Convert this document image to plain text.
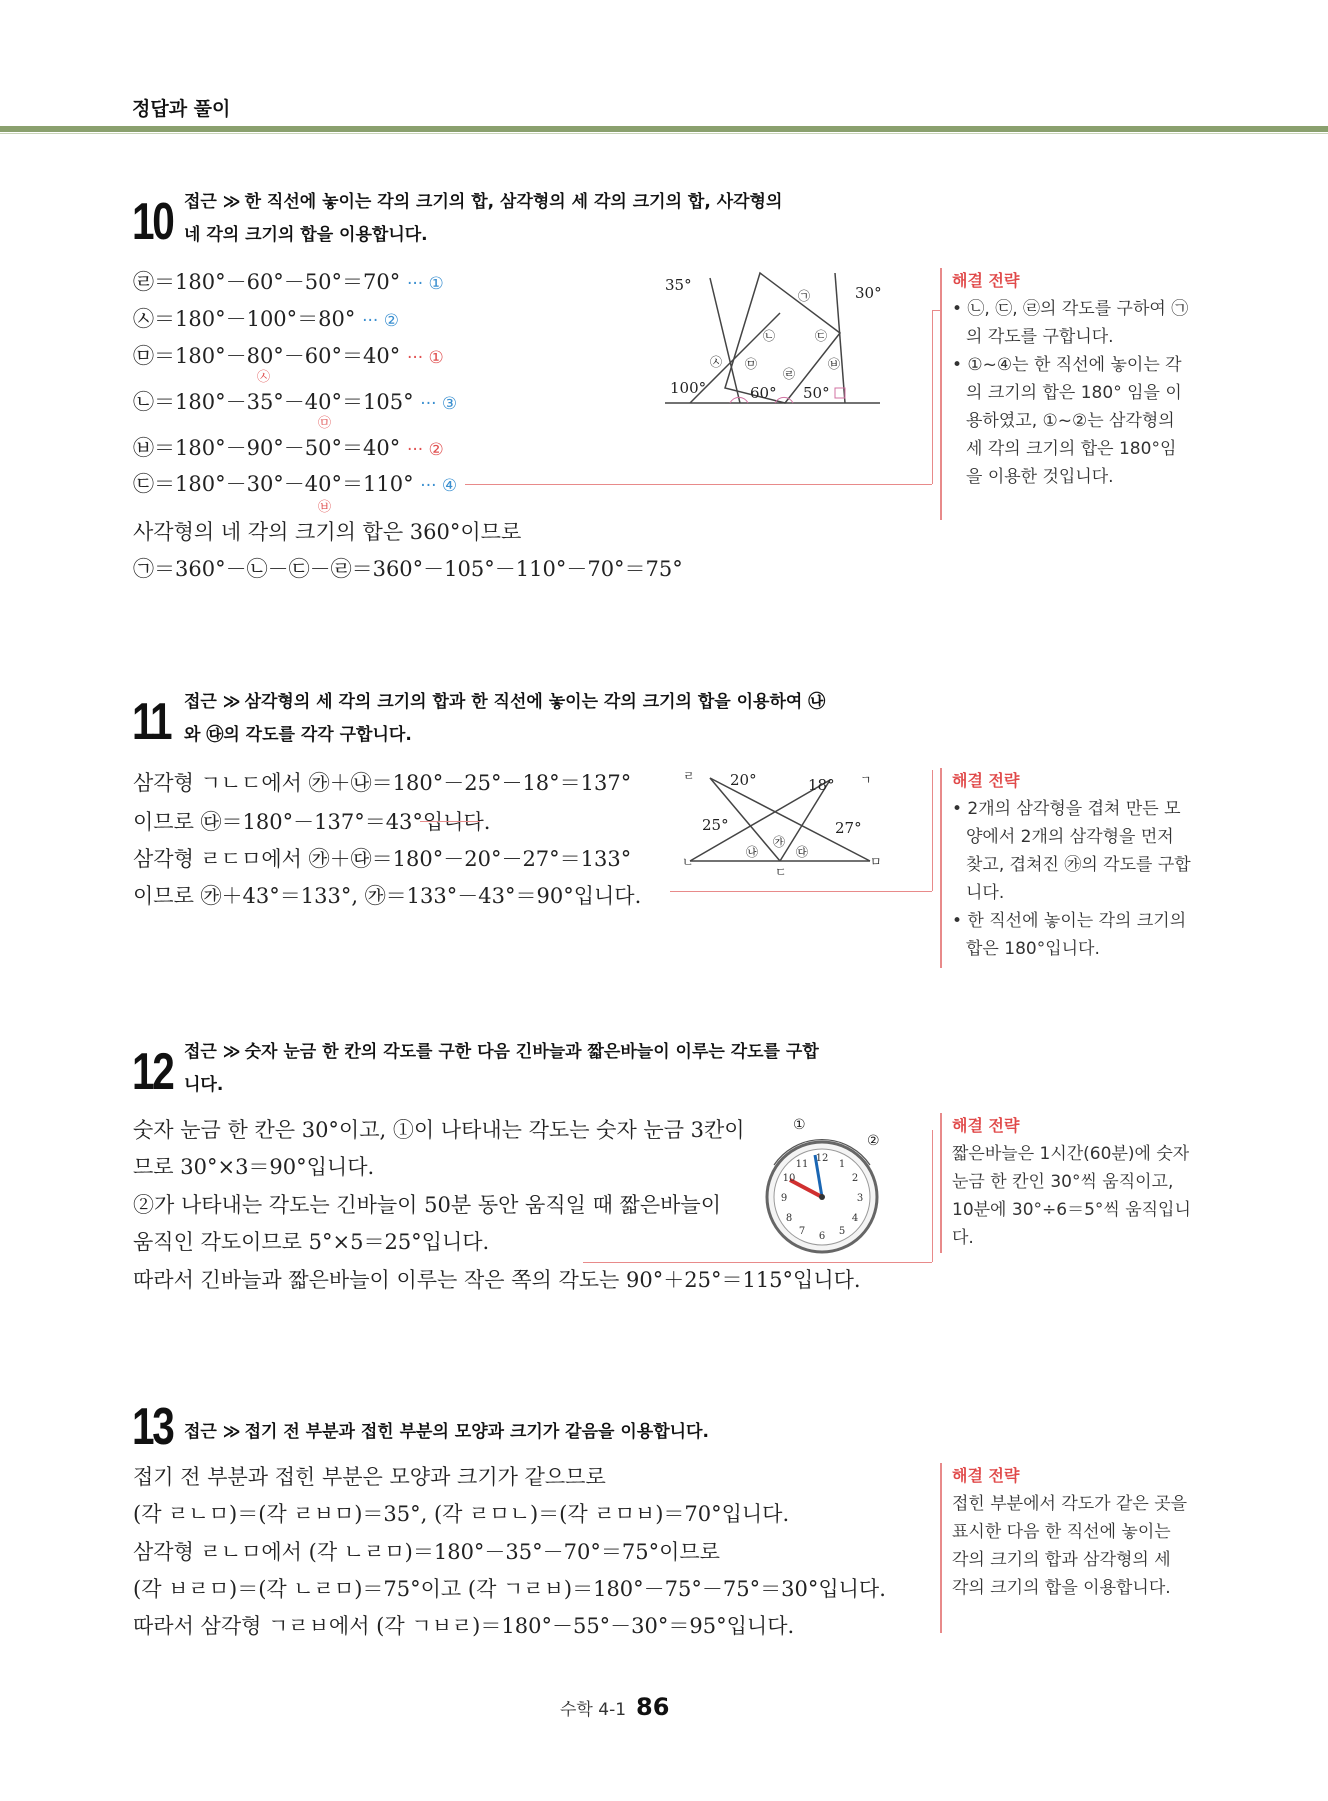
정답과 풀이
10 접근 ≫ 한 직선에 놓이는 각의 크기의 합, 삼각형의 세 각의 크기의 합, 사각형의
네 각의 크기의 합을 이용합니다.
㉣＝180°－60°－50°＝70° ··· ①
㉦＝180°－100°＝80° ··· ②
㉤＝180°－80°－60°＝40° ··· ①
㉦
㉡＝180°－35°－40°＝105° ··· ③
㉤
㉥＝180°－90°－50°＝40° ··· ②
㉢＝180°－30°－40°＝110° ··· ④
㉥
사각형의 네 각의 크기의 합은 360°이므로
㉠＝360°－㉡－㉢－㉣＝360°－105°－110°－70°＝75°
35°	30°
100°	60° 50°
㉠
㉡	㉢
㉣
㉤	㉥
㉦
해결 전략
• ㉡, ㉢, ㉣의 각도를 구하여 ㉠의 각도를 구합니다.
• ①~④는 한 직선에 놓이는 각의 크기의 합은 180° 임을 이용하였고, ①~②는 삼각형의 세 각의 크기의 합은 180°임을 이용한 것입니다.
11 접근 ≫ 삼각형의 세 각의 크기의 합과 한 직선에 놓이는 각의 크기의 합을 이용하여 ㉯
와 ㉰의 각도를 각각 구합니다.
삼각형 ㄱㄴㄷ에서 ㉮＋㉯＝180°－25°－18°＝137°
이므로 ㉰＝180°－137°＝43°입니다.
삼각형 ㄹㄷㅁ에서 ㉮＋㉰＝180°－20°－27°＝133°
이므로 ㉮＋43°＝133°, ㉮＝133°－43°＝90°입니다.
20°	18°
25°	27°
ㄹ	ㄱ
ㄴ
㉯
㉮
㉰
ㄷ
ㅁ
해결 전략
• 2개의 삼각형을 겹쳐 만든 모양에서 2개의 삼각형을 먼저 찾고, 겹쳐진 ㉮의 각도를 구합니다.
• 한 직선에 놓이는 각의 크기의 합은 180°입니다.
12 접근 ≫ 숫자 눈금 한 칸의 각도를 구한 다음 긴바늘과 짧은바늘이 이루는 각도를 구합
니다.
숫자 눈금 한 칸은 30°이고, ①이 나타내는 각도는 숫자 눈금 3칸이
므로 30°×3＝90°입니다.
②가 나타내는 각도는 긴바늘이 50분 동안 움직일 때 짧은바늘이
움직인 각도이므로 5°×5＝25°입니다.
따라서 긴바늘과 짧은바늘이 이루는 작은 쪽의 각도는 90°＋25°＝115°입니다.
12
1
2
3
4
5
6
7
8
9
10
11
①
②
해결 전략
짧은바늘은 1시간(60분)에 숫자 눈금 한 칸인 30°씩 움직이고, 10분에 30°÷6＝5°씩 움직입니다.
13 접근 ≫ 접기 전 부분과 접힌 부분의 모양과 크기가 같음을 이용합니다.
접기 전 부분과 접힌 부분은 모양과 크기가 같으므로
(각 ㄹㄴㅁ)＝(각 ㄹㅂㅁ)＝35°, (각 ㄹㅁㄴ)＝(각 ㄹㅁㅂ)＝70°입니다.
삼각형 ㄹㄴㅁ에서 (각 ㄴㄹㅁ)＝180°－35°－70°＝75°이므로
(각 ㅂㄹㅁ)＝(각 ㄴㄹㅁ)＝75°이고 (각 ㄱㄹㅂ)＝180°－75°－75°＝30°입니다.
따라서 삼각형 ㄱㄹㅂ에서 (각 ㄱㅂㄹ)＝180°－55°－30°＝95°입니다.
해결 전략
접힌 부분에서 각도가 같은 곳을 표시한 다음 한 직선에 놓이는 각의 크기의 합과 삼각형의 세 각의 크기의 합을 이용합니다.
수학 4-1 86
